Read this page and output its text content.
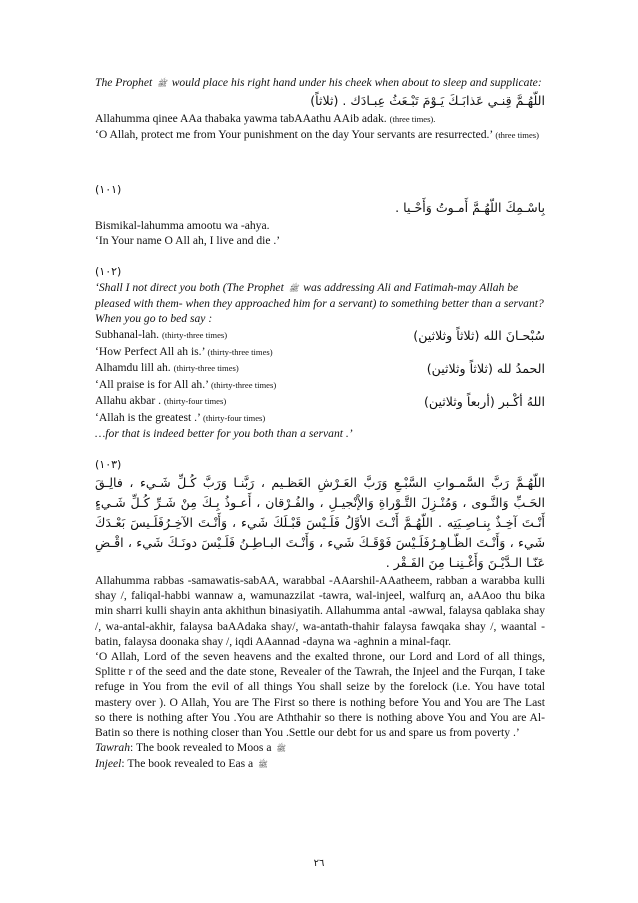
The Prophet ﷺ would place his right hand under his cheek when about to sleep and supplicate:
اللّهُـمَّ قِنـي عَذابَـكَ يَـوْمَ تَبْـعَثُ عِبـادَك . (ثلاثاً)
Allahumma qinee AAa thabaka yawma tabAAathu AAib adak. (three times).
‘O Allah, protect me from Your punishment on the day Your servants are resurrected.’ (three times)
(١٠١)
بِاسْـمِكَ اللّهُـمَّ أَمـوتُ وَأَحْـيا .
Bismikal-lahumma amootu wa -ahya.
‘In Your name O All ah, I live and die .’
(١٠٢)
‘Shall I not direct you both (The Prophet ﷺ was addressing Ali and Fatimah-may Allah be pleased with them- when they approached him for a servant) to something better than a servant? When you go to bed say :
Subhanal-lah. (thirty-three times)	سُبْحـانَ الله (ثلاثاً وثلاثين)
‘How Perfect All ah is.’ (thirty-three times)
Alhamdu lill ah. (thirty-three times)	الحمدُ لله (ثلاثاً وثلاثين)
‘All praise is for All ah.’ (thirty-three times)
Allahu akbar . (thirty-four times)	اللهُ أكْـبر (أربعاً وثلاثين)
‘Allah is the greatest .’ (thirty-four times)
…for that is indeed better for you both than a servant .’
(١٠٣)
اللّهُـمَّ رَبَّ السَّمـواتِ السَّبْـعِ وَرَبَّ العَـرْشِ العَظـيم ، رَبَّنـا وَرَبَّ كُـلِّ شَـيء ، فالِـقَ الحَـبِّ وَالنَّـوى ، وَمُنْـزِلَ التَّـوْراةِ وَالإْنْجيـلِ ، والفُـرْقان ، أَعـوذُ بِـكَ مِنْ شَـرِّ كُـلِّ شَـيءٍ أَنْـتَ آخِـذٌ بِنـاصِـيَتِه . اللّهُـمَّ أَنْـتَ الأوَّلُ فَلَـيْسَ قَبْـلَكَ شَيء ، وَأَنْـتَ الآخِـرُفَلَـيسَ بَعْـدَكَ شَيء ، وَأَنْـتَ الظّـاهِـرُفَلَـيْسَ فَوْقَـكَ شَيء ، وَأَنْـتَ البـاطِـنُ فَلَـيْسَ دونَـكَ شَيء ، اقْـضِ عَنّـا الـدَّيْـنَ وَأَغْـنِنـا مِنَ الفَـقْر .
Allahumma rabbas -samawatis-sabAA, warabbal -AAarshil-AAatheem, rabban a warabba kulli shay /, faliqal-habbi wannaw a, wamunazzilat -tawra, wal-injeel, walfurq an, aAAoo thu bika min sharri kulli shayin anta akhithun binasiyatih. Allahumma antal -awwal, falaysa qablaka shay /, wa-antal-akhir, falaysa baAAdaka shay/, wa-antath-thahir falaysa fawqaka shay /, waantal -batin, falaysa doonaka shay /, iqdi AAannad -dayna wa -aghnin a minal-faqr.
‘O Allah, Lord of the seven heavens and the exalted throne, our Lord and Lord of all things, Splitte r of the seed and the date stone, Revealer of the Tawrah, the Injeel and the Furqan, I take refuge in You from the evil of all things You shall seize by the forelock (i.e. You have total mastery over ). O Allah, You are The First so there is nothing before You and You are The Last so there is nothing after You .You are Aththahir so there is nothing above You and You are Al-Batin so there is nothing closer than You .Settle our debt for us and spare us from poverty .’
Tawrah: The book revealed to Moos a ﷺ
Injeel: The book revealed to Eas a ﷺ
٢٦
